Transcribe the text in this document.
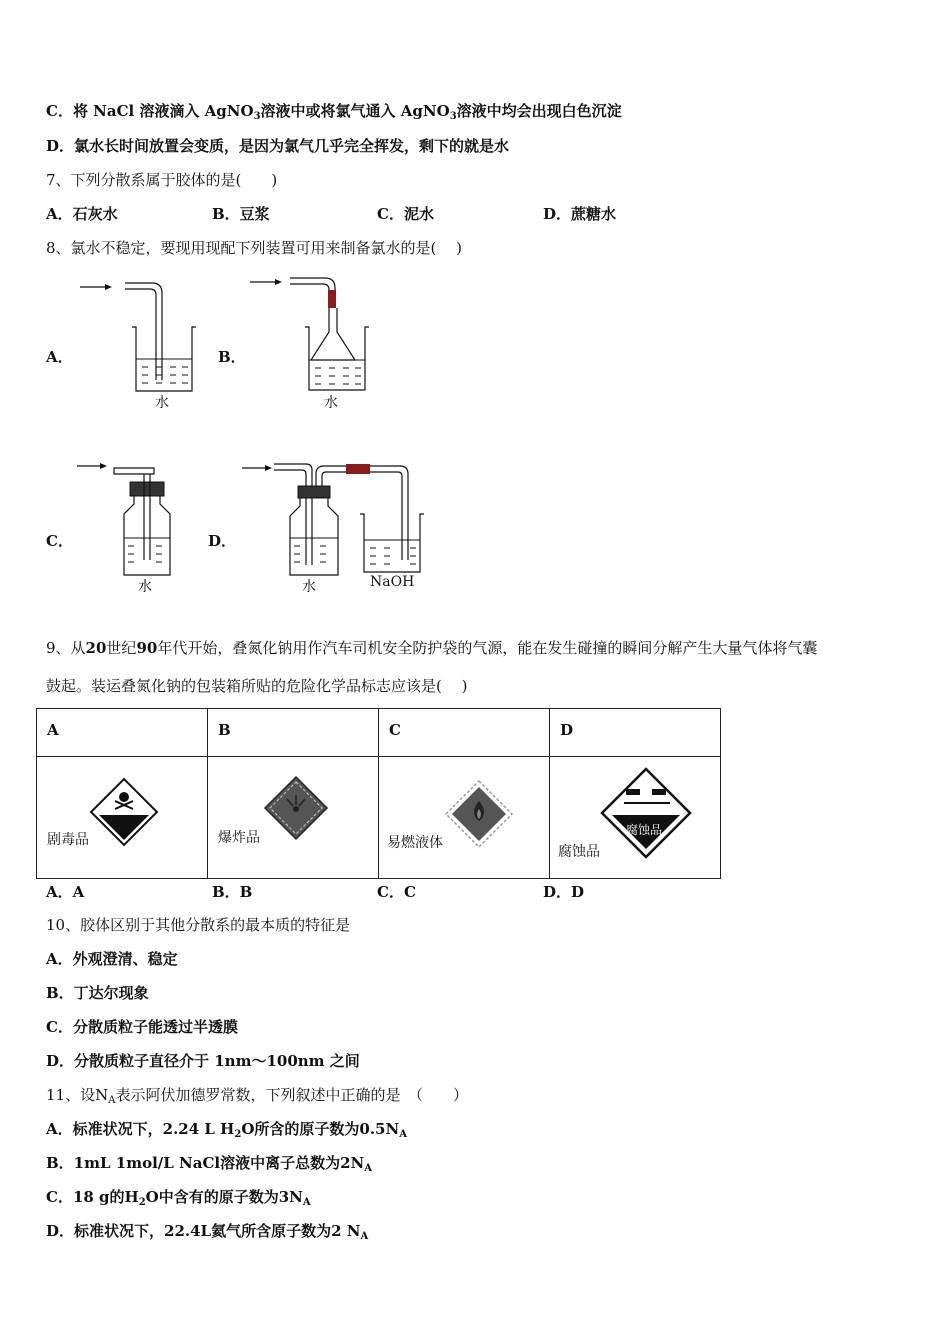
C．将 NaCl 溶液滴入 AgNO$_3$溶液中或将氯气通入 AgNO$_3$溶液中均会出现白色沉淀
D．氯水长时间放置会变质，是因为氯气几乎完全挥发，剩下的就是水
7、下列分散系属于胶体的是(　　)
A．石灰水	B．豆浆	C．泥水	D．蔗糖水
8、氯水不稳定，要现用现配下列装置可用来制备氯水的是(　 )
A．	B．
C．	D．
水	水
水	水	NaOH
9、从20世纪90年代开始，叠氮化钠用作汽车司机安全防护袋的气源，能在发生碰撞的瞬间分解产生大量气体将气囊
鼓起。装运叠氮化钠的包装箱所贴的危险化学品标志应该是(　 )
A	B	C	D

剧毒品	爆炸品	易燃液体	腐蚀品
腐蚀品
A．A	B．B	C．C	D．D
10、胶体区别于其他分散系的最本质的特征是
A．外观澄清、稳定
B．丁达尔现象
C．分散质粒子能透过半透膜
D．分散质粒子直径介于 1nm～100nm 之间
11、设$N_A$表示阿伏加德罗常数，下列叙述中正确的是　（　　）
A．标准状况下，2.24 L $H_2O$所含的原子数为$0.5N_A$
B．1mL 1mol/L NaCl溶液中离子总数为$2N_A$
C．18 g的$H_2O$中含有的原子数为$3N_A$
D．标准状况下，22.4L氦气所含原子数为2 $N_A$
